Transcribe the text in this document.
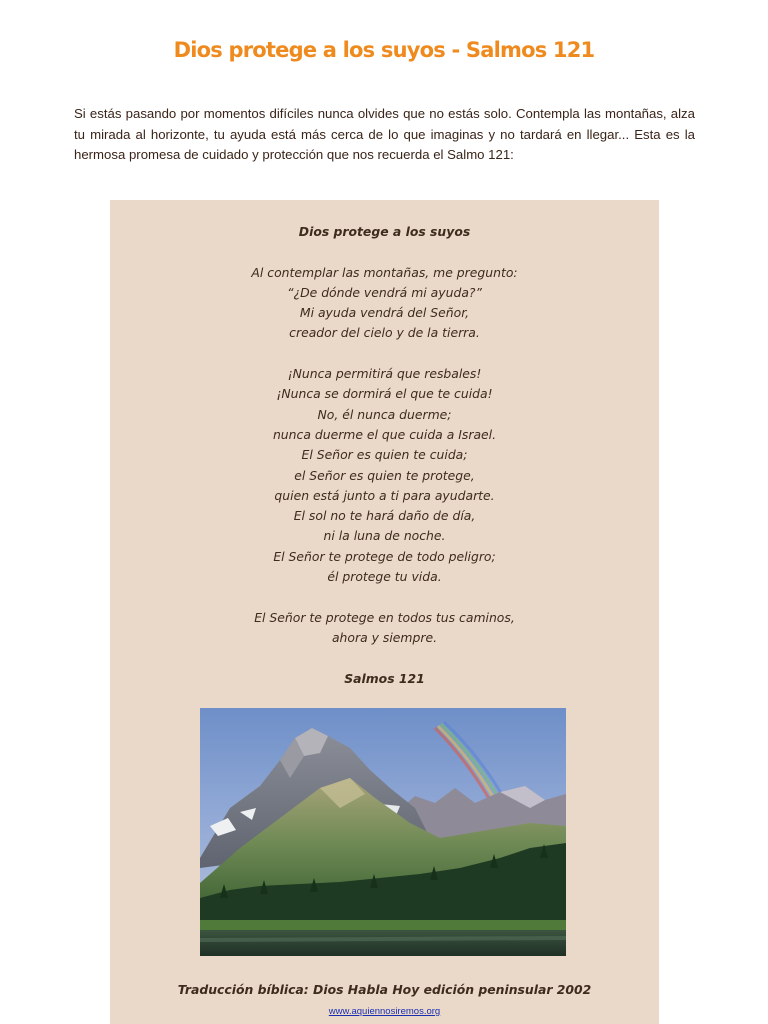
Dios protege a los suyos - Salmos 121
Si estás pasando por momentos difíciles nunca olvides que no estás solo. Contempla las montañas, alza tu mirada al horizonte, tu ayuda está más cerca de lo que imaginas y no tardará en llegar... Esta es la hermosa promesa de cuidado y protección que nos recuerda el Salmo 121:
Dios protege a los suyos
Al contemplar las montañas, me pregunto:
“¿De dónde vendrá mi ayuda?”
Mi ayuda vendrá del Señor,
creador del cielo y de la tierra.
¡Nunca permitirá que resbales!
¡Nunca se dormirá el que te cuida!
No, él nunca duerme;
nunca duerme el que cuida a Israel.
El Señor es quien te cuida;
el Señor es quien te protege,
quien está junto a ti para ayudarte.
El sol no te hará daño de día,
ni la luna de noche.
El Señor te protege de todo peligro;
él protege tu vida.
El Señor te protege en todos tus caminos,
ahora y siempre.
Salmos 121
Traducción bíblica: Dios Habla Hoy edición peninsular 2002
www.aquiennosiremos.org
